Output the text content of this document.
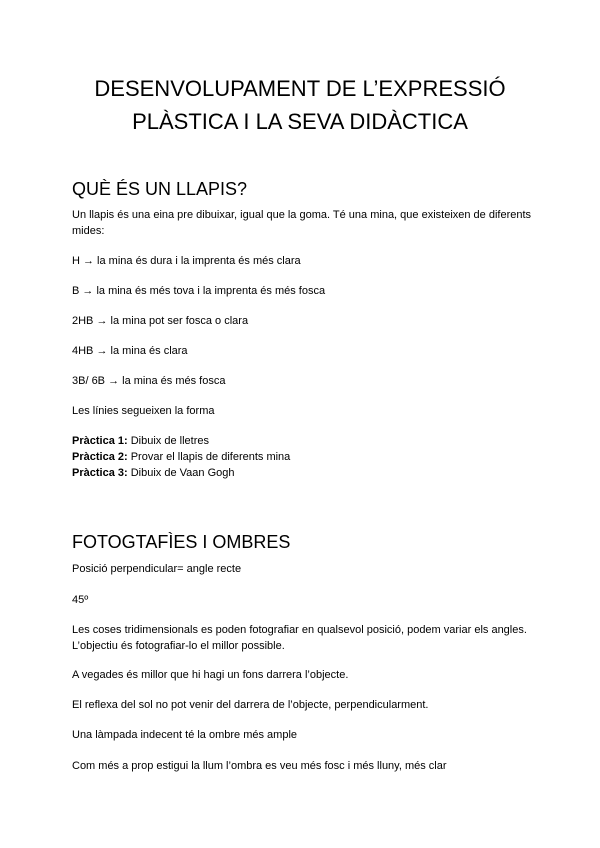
DESENVOLUPAMENT DE L’EXPRESSIÓ
PLÀSTICA I LA SEVA DIDÀCTICA
QUÈ ÉS UN LLAPIS?

Un llapis és una eina pre dibuixar, igual que la goma. Té una mina, que existeixen de diferents mides:

H → la mina és dura i la imprenta és més clara

B → la mina és més tova i la imprenta és més fosca

2HB → la mina pot ser fosca o clara

4HB → la mina és clara

3B/ 6B → la mina és més fosca

Les línies segueixen la forma

Pràctica 1: Dibuix de lletres
Pràctica 2: Provar el llapis de diferents mina
Pràctica 3: Dibuix de Vaan Gogh

FOTOGTAFÌES I OMBRES

Posició perpendicular= angle recte

45º

Les coses tridimensionals es poden fotografiar en qualsevol posició, podem variar els angles. L’objectiu és fotografiar-lo el millor possible.

A vegades és millor que hi hagi un fons darrera l’objecte.

El reflexa del sol no pot venir del darrera de l’objecte, perpendicularment.

Una làmpada indecent té la ombre més ample

Com més a prop estigui la llum l’ombra es veu més fosc i més lluny, més clar
